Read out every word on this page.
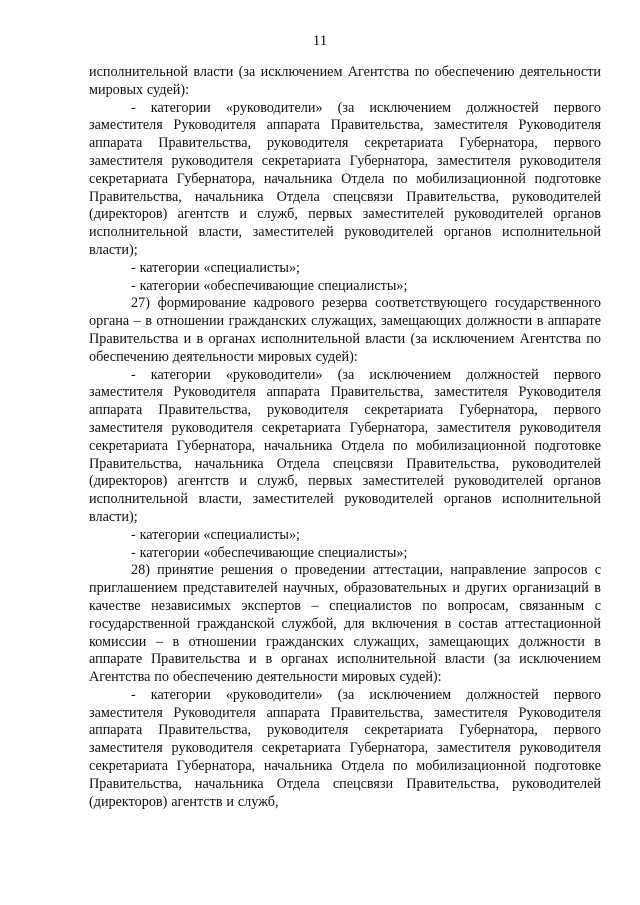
11

исполнительной власти (за исключением Агентства по обеспечению деятельности мировых судей):

- категории «руководители» (за исключением должностей первого заместителя Руководителя аппарата Правительства, заместителя Руководителя аппарата Правительства, руководителя секретариата Губернатора, первого заместителя руководителя секретариата Губернатора, заместителя руководителя секретариата Губернатора, начальника Отдела по мобилизационной подготовке Правительства, начальника Отдела спецсвязи Правительства, руководителей (директоров) агентств и служб, первых заместителей руководителей органов исполнительной власти, заместителей руководителей органов исполнительной власти);

- категории «специалисты»;

- категории «обеспечивающие специалисты»;

27) формирование кадрового резерва соответствующего государственного органа – в отношении гражданских служащих, замещающих должности в аппарате Правительства и в органах исполнительной власти (за исключением Агентства по обеспечению деятельности мировых судей):

- категории «руководители» (за исключением должностей первого заместителя Руководителя аппарата Правительства, заместителя Руководителя аппарата Правительства, руководителя секретариата Губернатора, первого заместителя руководителя секретариата Губернатора, заместителя руководителя секретариата Губернатора, начальника Отдела по мобилизационной подготовке Правительства, начальника Отдела спецсвязи Правительства, руководителей (директоров) агентств и служб, первых заместителей руководителей органов исполнительной власти, заместителей руководителей органов исполнительной власти);

- категории «специалисты»;

- категории «обеспечивающие специалисты»;

28) принятие решения о проведении аттестации, направление запросов с приглашением представителей научных, образовательных и других организаций в качестве независимых экспертов – специалистов по вопросам, связанным с государственной гражданской службой, для включения в состав аттестационной комиссии – в отношении гражданских служащих, замещающих должности в аппарате Правительства и в органах исполнительной власти (за исключением Агентства по обеспечению деятельности мировых судей):

- категории «руководители» (за исключением должностей первого заместителя Руководителя аппарата Правительства, заместителя Руководителя аппарата Правительства, руководителя секретариата Губернатора, первого заместителя руководителя секретариата Губернатора, заместителя руководителя секретариата Губернатора, начальника Отдела по мобилизационной подготовке Правительства, начальника Отдела спецсвязи Правительства, руководителей (директоров) агентств и служб,
